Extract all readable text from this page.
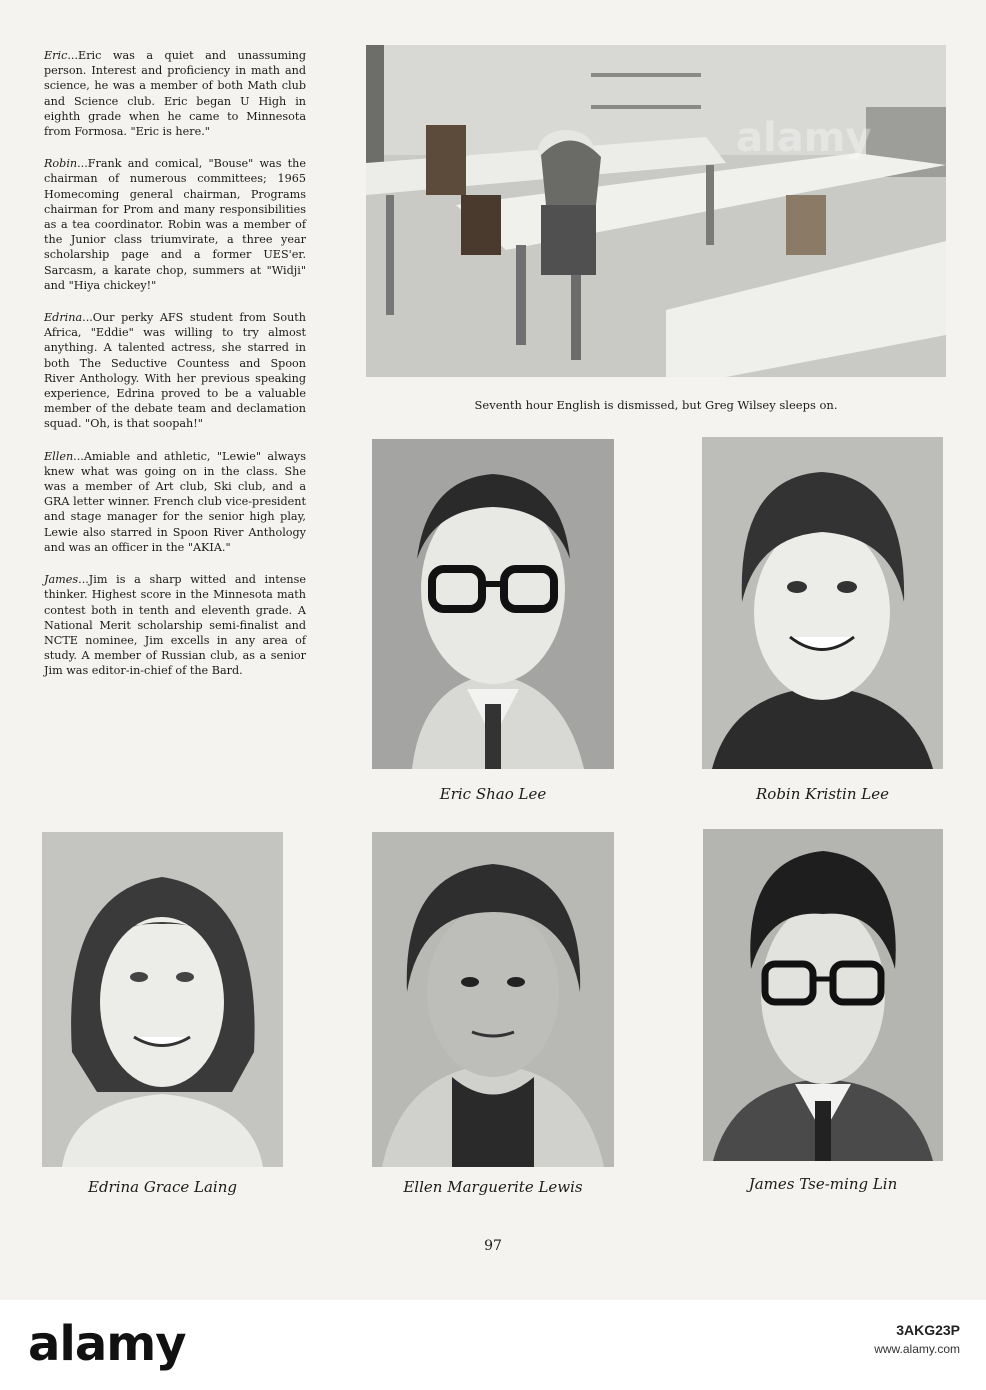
Eric...Eric was a quiet and unassuming person. Interest and proficiency in math and science, he was a member of both Math club and Science club. Eric began U High in eighth grade when he came to Minnesota from Formosa. "Eric is here."

Robin...Frank and comical, "Bouse" was the chairman of numerous committees; 1965 Homecoming general chairman, Programs chairman for Prom and many responsibilities as a tea coordinator. Robin was a member of the Junior class triumvirate, a three year scholarship page and a former UES'er. Sarcasm, a karate chop, summers at "Widji" and "Hiya chickey!"

Edrina...Our perky AFS student from South Africa, "Eddie" was willing to try almost anything. A talented actress, she starred in both The Seductive Countess and Spoon River Anthology. With her previous speaking experience, Edrina proved to be a valuable member of the debate team and declamation squad. "Oh, is that soopah!"

Ellen...Amiable and athletic, "Lewie" always knew what was going on in the class. She was a member of Art club, Ski club, and a GRA letter winner. French club vice-president and stage manager for the senior high play, Lewie also starred in Spoon River Anthology and was an officer in the "AKIA."

James...Jim is a sharp witted and intense thinker. Highest score in the Minnesota math contest both in tenth and eleventh grade. A National Merit scholarship semi-finalist and NCTE nominee, Jim excells in any area of study. A member of Russian club, as a senior Jim was editor-in-chief of the Bard.

alamy
Seventh hour English is dismissed, but Greg Wilsey sleeps on.
Eric Shao Lee	Robin Kristin Lee
Edrina Grace Laing	Ellen Marguerite Lewis	James Tse-ming Lin
97
alamy	3AKG23P
www.alamy.com
